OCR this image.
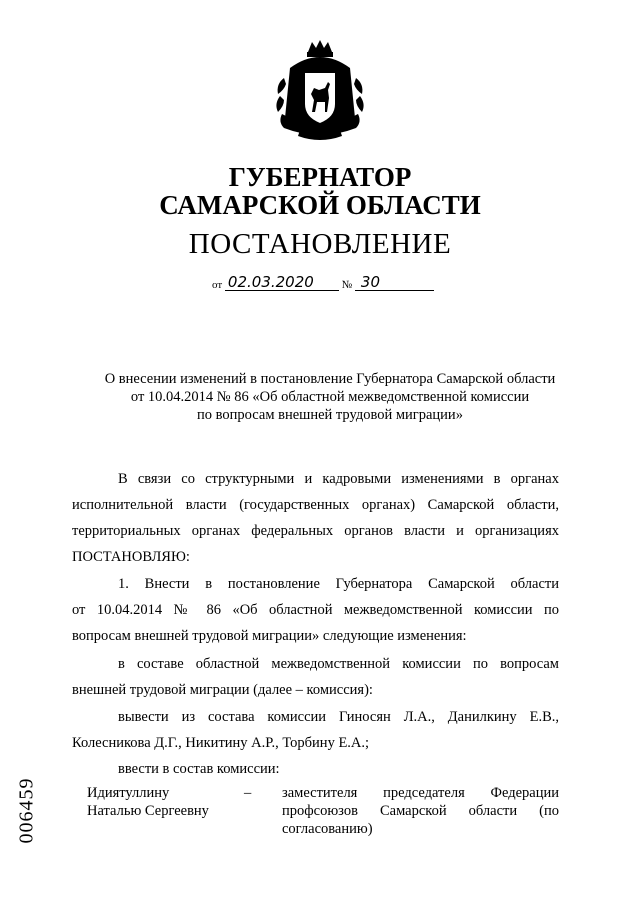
ГУБЕРНАТОР
САМАРСКОЙ ОБЛАСТИ
ПОСТАНОВЛЕНИЕ
от 02.03.2020	№ 30
О внесении изменений в постановление Губернатора Самарской области
от 10.04.2014 № 86 «Об областной межведомственной комиссии
по вопросам внешней трудовой миграции»
В связи со структурными и кадровыми изменениями в органах
исполнительной власти (государственных органах) Самарской области,
территориальных органах федеральных органов власти и организациях
ПОСТАНОВЛЯЮ:
1. Внести в постановление Губернатора Самарской области
от 10.04.2014 № 86 «Об областной межведомственной комиссии по
вопросам внешней трудовой миграции» следующие изменения:
в составе областной межведомственной комиссии по вопросам
внешней трудовой миграции (далее – комиссия):
вывести из состава комиссии Гиносян Л.А., Данилкину Е.В.,
Колесникова Д.Г., Никитину А.Р., Торбину Е.А.;
ввести в состав комиссии:
Идиятуллину
Наталью Сергеевну
– заместителя председателя Федерации
профсоюзов Самарской области (по
согласованию)
006459
